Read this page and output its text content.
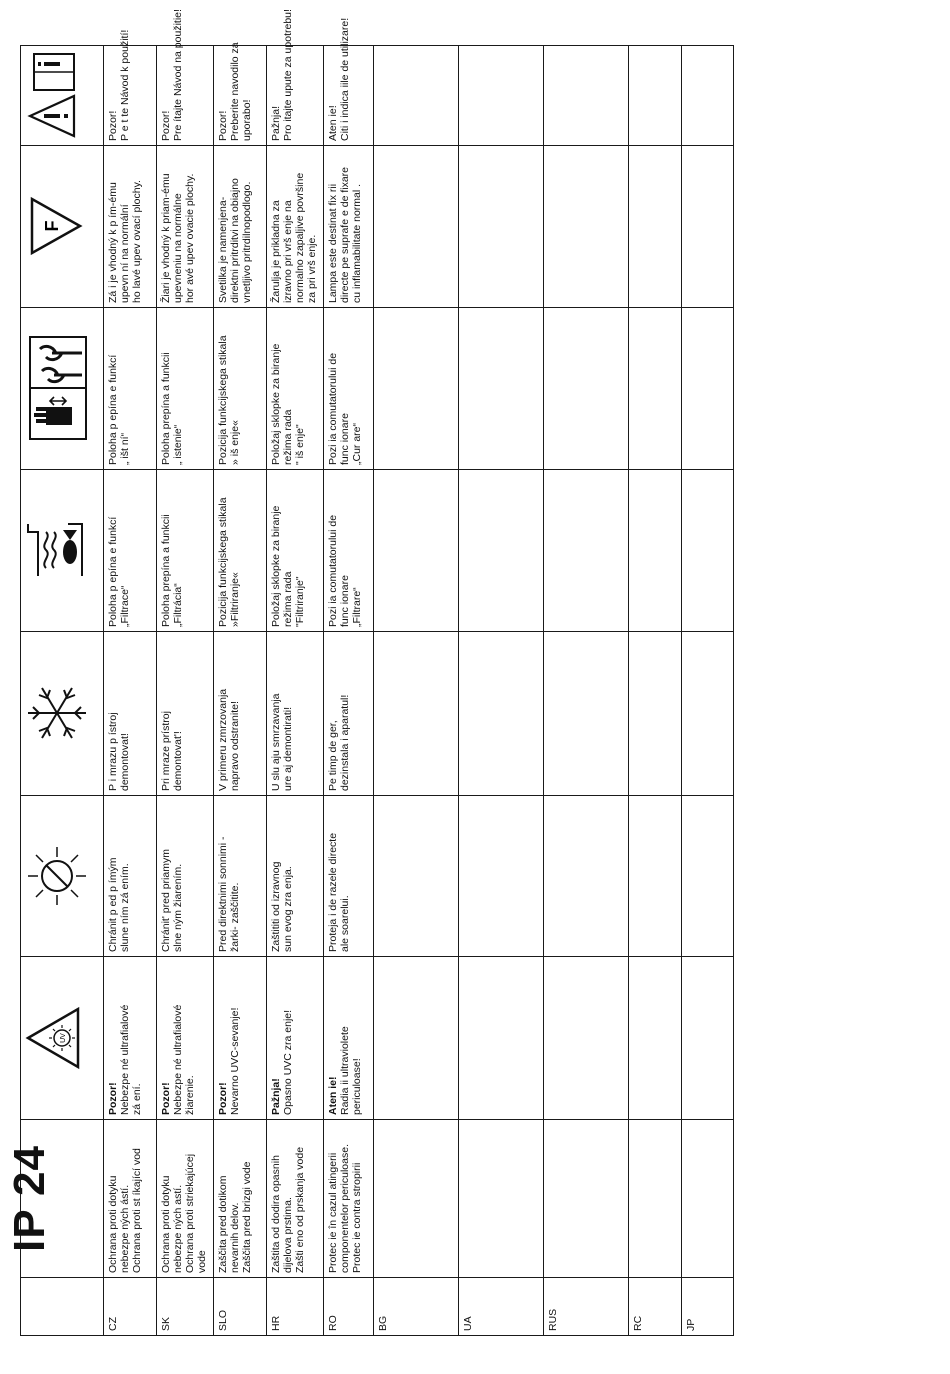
	IP 24	UV					F

CZ	Ochrana proti dotyku nebezpe ných ástí. Ochrana proti st íkající vod	Pozor! Nebezpe né ultrafialové zá ení.	Chránit p ed p ímým slune ním zá ením.	P i mrazu p ístroj demontovat!	Poloha p epína e funkcí „Filtrace“	Poloha p epína e funkcí „ išt ní“	Zá i je vhodný k p ím-ému upevn ní na normální ho lavé upev ovací plochy.	Pozor! P e t te Návod k použití!

SK	Ochrana proti dotyku nebezpe ných astí. Ochrana proti striekajúcej vode	Pozor! Nebezpe né ultrafialové žiarenie.	Chránit' pred priamym slne ným žiarením.	Pri mraze prístroj demontovat'!	Poloha prepína a funkcii „Filtrácia“	Poloha prepína a funkcii „ istenie“	Žiari je vhodný k priam-ému upevneniu na normálne hor avé upev ovacie plochy.	Pozor! Pre ítajte Návod na použitie!

SLO	Zaščita pred dotikom nevarnih delov. Zaščita pred brizgi vode	Pozor! Nevarno UVC-sevanje!	Pred direktnimi sonnimi - žarki- zaščitite.	V primeru zmrzovanja napravo odstranite!	Pozicija funkcijskega stikala »Filtriranje«	Pozicija funkcijskega stikala » iš enje«	Svetilka je namenjena- direktni pritrditvi na obiajno vnetljivo pritrdilnopodlogo.	Pozor! Preberite navodilo za uporabo!

HR	Zaštita od dodira opasnih dijelova prstima. Zašti eno od prskanja vode	Pažnja! Opasno UVC zra enje!	Zaštititi od izravnog sun evog zra enja.	U slu aju smrzavanja ure aj demontirati!	Položaj sklopke za biranje režima rada "Filtriranje"	Položaj sklopke za biranje režima rada " iš enje"	Žarulja je prikladna za izravno pri vrš enje na normalno zapaljive površine za pri vrš enje.	Pažnja! Pro itajte upute za upotrebu!

RO	Protec ie în cazul atingerii componentelor periculoase. Protec ie contra stropirii	Aten ie! Radia ii ultraviolete periculoase!	Proteja i de razele directe ale soarelui.	Pe timp de ger, dezinstala i aparatul!	Pozi ia comutatorului de func ionare „Filtrare“	Pozi ia comutatorului de func ionare „Cur are“	Lampa este destinat fix rii directe pe suprafe e de fixare cu inflamabilitate normal .	Aten ie! Citi i indica iile de utilizare!

BG								
UA								
RUS								
RC								
JP								
